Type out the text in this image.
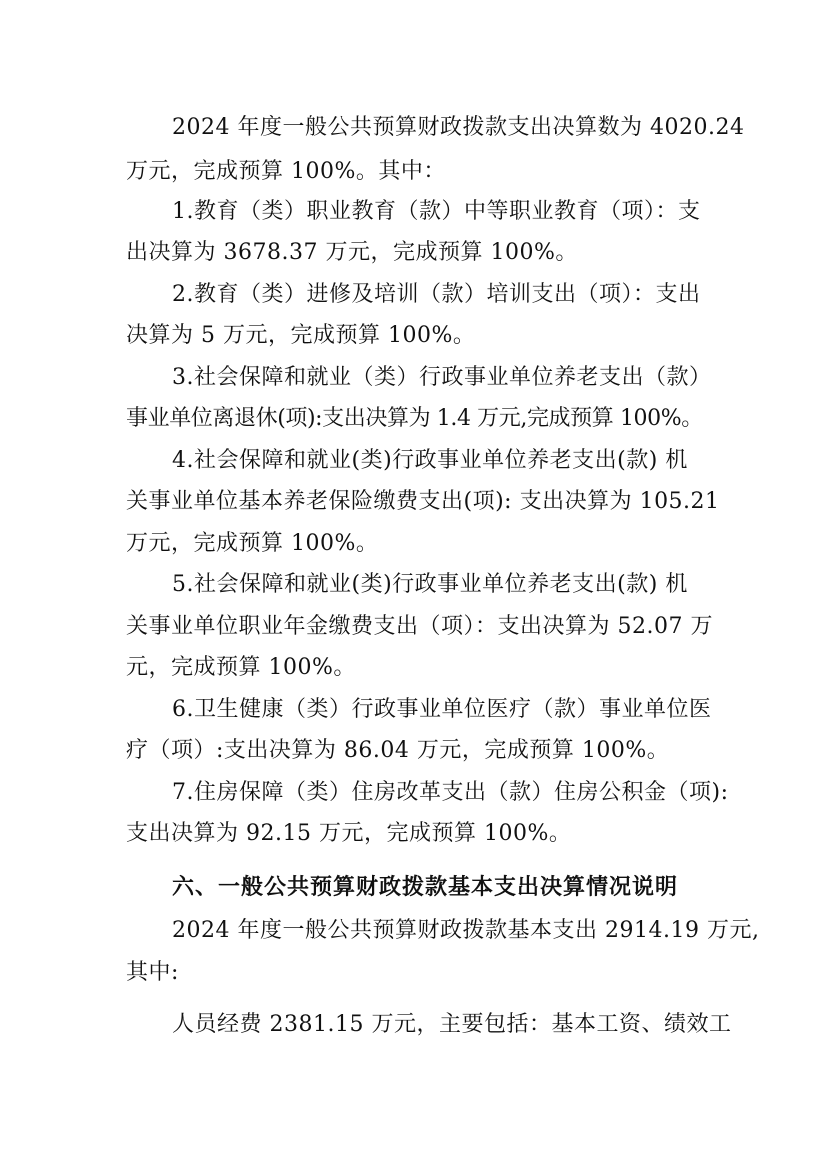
2024 年度一般公共预算财政拨款支出决算数为 4020.24
万元，完成预算 100%。其中：
1.教育（类）职业教育（款）中等职业教育（项）：支
出决算为 3678.37 万元，完成预算 100%。
2.教育（类）进修及培训（款）培训支出（项）：支出
决算为 5 万元，完成预算 100%。
3.社会保障和就业（类）行政事业单位养老支出（款）
事业单位离退休(项):支出决算为 1.4 万元,完成预算 100%。
4.社会保障和就业(类)行政事业单位养老支出(款) 机
关事业单位基本养老保险缴费支出(项): 支出决算为 105.21
万元，完成预算 100%。
5.社会保障和就业(类)行政事业单位养老支出(款) 机
关事业单位职业年金缴费支出（项）：支出决算为 52.07 万
元，完成预算 100%。
6.卫生健康（类）行政事业单位医疗（款）事业单位医
疗（项）:支出决算为 86.04 万元，完成预算 100%。
7.住房保障（类）住房改革支出（款）住房公积金（项):
支出决算为 92.15 万元，完成预算 100%。
六、一般公共预算财政拨款基本支出决算情况说明
2024 年度一般公共预算财政拨款基本支出 2914.19 万元,
其中:
人员经费 2381.15 万元，主要包括：基本工资、绩效工
